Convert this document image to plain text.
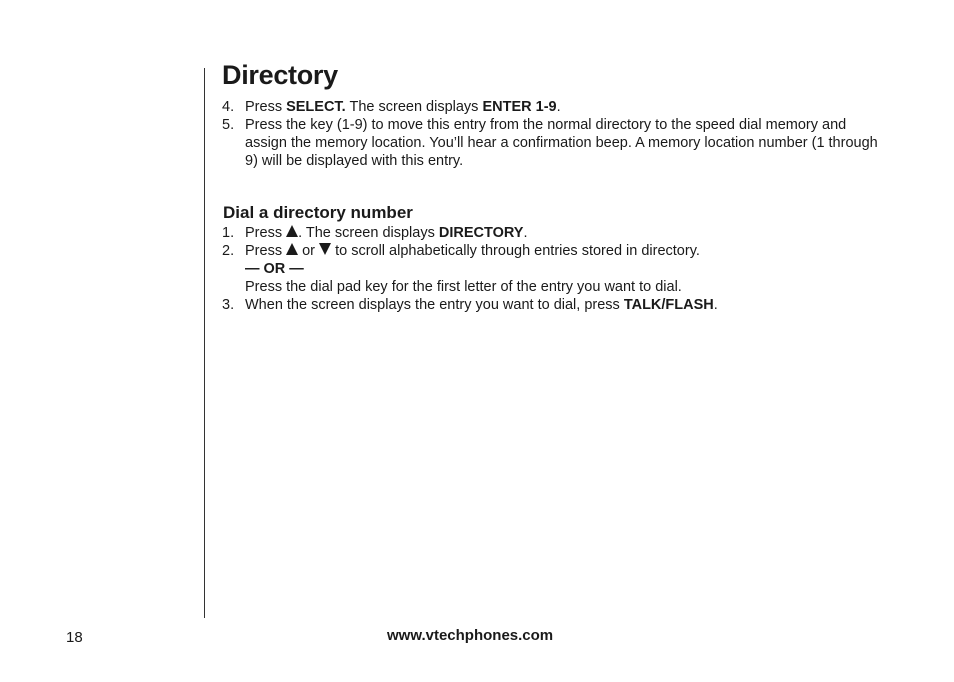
Directory
4. Press SELECT. The screen displays ENTER 1-9.
5. Press the key (1-9) to move this entry from the normal directory to the speed dial memory and assign the memory location. You’ll hear a confirmation beep. A memory location number (1 through 9) will be displayed with this entry.
Dial a directory number
1. Press . The screen displays DIRECTORY.
2. Press  or  to scroll alphabetically through entries stored in directory.
— OR —
Press the dial pad key for the first letter of the entry you want to dial.
3. When the screen displays the entry you want to dial, press TALK/FLASH.
18	www.vtechphones.com
